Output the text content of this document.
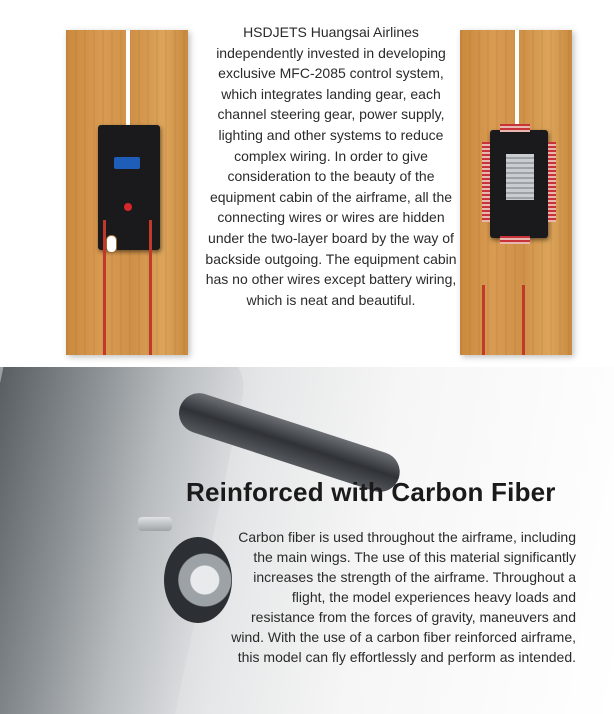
HSDJETS Huangsai Airlines independently invested in developing exclusive MFC-2085 control system, which integrates landing gear, each channel steering gear, power supply, lighting and other systems to reduce complex wiring. In order to give consideration to the beauty of the equipment cabin of the airframe, all the connecting wires or wires are hidden under the two-layer board by the way of backside outgoing. The equipment cabin has no other wires except battery wiring, which is neat and beautiful.

Reinforced with Carbon Fiber

Carbon fiber is used throughout the airframe, including the main wings. The use of this material significantly increases the strength of the airframe. Throughout a flight, the model experiences heavy loads and resistance from the forces of gravity, maneuvers and wind. With the use of a carbon fiber reinforced airframe, this model can fly effortlessly and perform as intended.
